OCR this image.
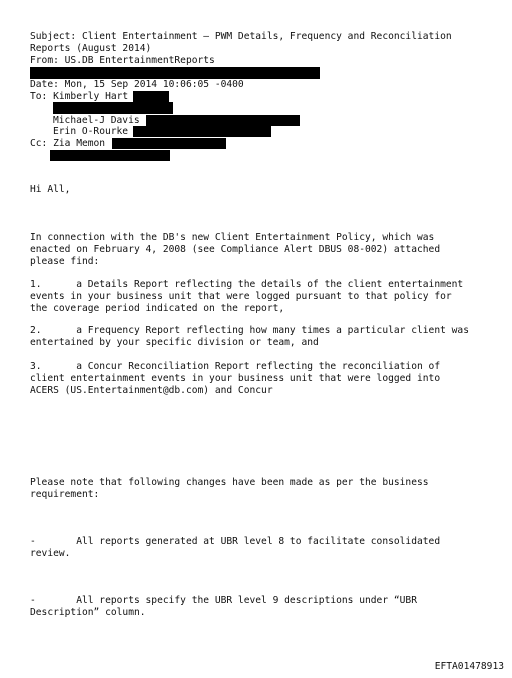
Subject: Client Entertainment – PWM Details, Frequency and Reconciliation
Reports (August 2014)
From: US.DB EntertainmentReports
Date: Mon, 15 Sep 2014 10:06:05 -0400
To: Kimberly Hart
Michael-J Davis
Erin O-Rourke
Cc: Zia Memon
Hi All,
In connection with the DB's new Client Entertainment Policy, which was
enacted on February 4, 2008 (see Compliance Alert DBUS 08-002) attached
please find:
1.      a Details Report reflecting the details of the client entertainment
events in your business unit that were logged pursuant to that policy for
the coverage period indicated on the report,
2.      a Frequency Report reflecting how many times a particular client was
entertained by your specific division or team, and
3.      a Concur Reconciliation Report reflecting the reconciliation of
client entertainment events in your business unit that were logged into
ACERS (US.Entertainment@db.com) and Concur
Please note that following changes have been made as per the business
requirement:
-       All reports generated at UBR level 8 to facilitate consolidated
review.
-       All reports specify the UBR level 9 descriptions under “UBR
Description” column.
EFTA01478913
